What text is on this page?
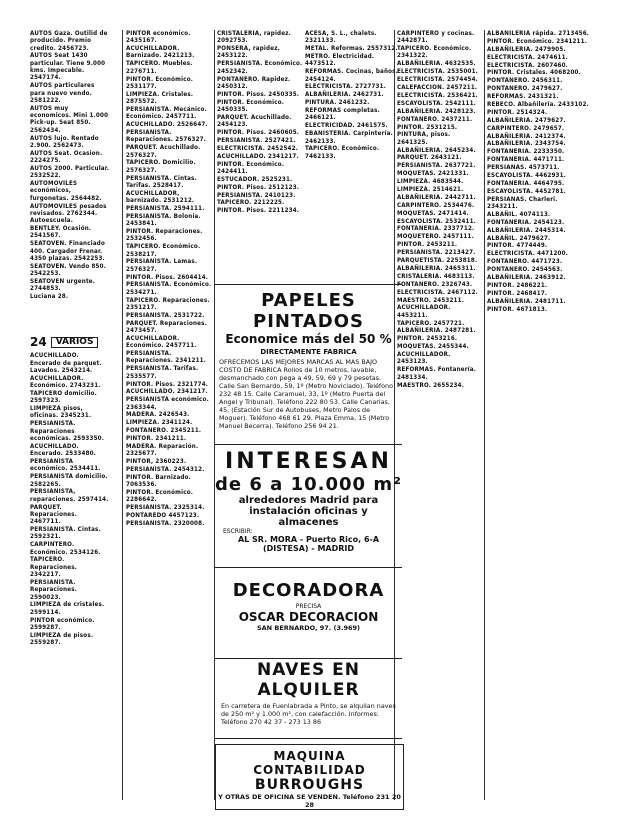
AUTOS Gaza. Outilid de producido. Premio credito. 2456723.

AUTOS Seat 1430 particular. Tiene 9.000 kms. Impecable. 2547174.

AUTOS particulares para nuevo vendo. 2581222.

AUTOS muy economicos. Mini 1.000 Pick-up. Seat 850. 2562434.

AUTOS lujo. Rentado 2.900. 2562473.

AUTOS Seat. Ocasion. 2224275.

AUTOS 2000. Particular. 2532522.

AUTOMOVILES económicos, furgonetas. 2564482.

AUTOMOVILES pesados revisados. 2762344. Autoescuela.

BENTLEY. Ocasión. 2541567.

SEATOVEN. Financiado 400. Cargador Frenar. 4350 plazas. 2542253.

SEATOVEN. Vendo 850. 2542253.

SEATOVEN urgente. 2744853.

Luciana 28.

24	VARIOS

ACUCHILLADO. Encerado de parquet. Lavados. 2543214.

ACUCHILLADOR. Económico. 2743231.

TAPICERO domicilio. 2597323.

LIMPIEZA pisos, oficinas. 2345231.

PERSIANISTA. Reparaciones económicas. 2593350.

ACUCHILLADO. Encerado. 2533480.

PERSIANISTA económico. 2534411.

PERSIANISTA domicilio. 2582265.

PERSIANISTA, reparaciones. 2597414.

PARQUET. Reparaciones. 2467711.

PERSIANISTA. Cintas. 2592321.

CARPINTERO. Económico. 2534126.

TAPICERO. Reparaciones. 2342217.

PERSIANISTA. Reparaciones. 2590023.

LIMPIEZA de cristales. 2599114.

PINTOR económico. 2599287.

LIMPIEZA de pisos. 2559287.

PINTOR económico. 2435167.

ACUCHILLADOR. Barnizado. 2421213.

TAPICERO. Muebles. 2276711.

PINTOR. Económico. 2531177.

LIMPIEZA. Cristales. 2875572.

PERSIANISTA. Mecánico. Económico. 2457711.

ACUCHILLADO. 2526647.

PERSIANISTA. Reparaciones. 2576327.

PARQUET. Acuchillado. 2576327.

TAPICERO. Domicilio. 2576327.

PERSIANISTA. Cintas. Tarifas. 2528417.

ACUCHILLADOR, barnizado. 2531212.

PERSIANISTA. 2594111.

PERSIANISTA. Bolonia. 2453841.

PINTOR. Reparaciones. 2532456.

TAPICERO. Económico. 2538217.

PERSIANISTA. Lamas. 2576327.

PINTOR. Pisos. 2604414.

PERSIANISTA. Económico. 2534271.

TAPICERO. Reparaciones. 2351217.

PERSIANISTA. 2531722.

PARQUET. Reparaciones. 2473457.

ACUCHILLADOR. Económico. 2457711.

PERSIANISTA. Reparaciones. 2341211.

PERSIANISTA. Tarifas. 2535577.

PINTOR. Pisos. 2321774.

ACUCHILLADO. 2341217.

PERSIANISTA económico. 2363344.

MADERA. 2426543.

LIMPIEZA. 2341124.

FONTANERO. 2345211.

PINTOR. 2341211.

MADERA. Reparación. 2325677.

PINTOR, 2360223.

PERSIANISTA. 2454312.

PINTOR. Barnizado. 7063536.

PINTOR. Económico. 2286642.

PERSIANISTA. 2325314.

PONTAREDO 4457123.

PERSIANISTA. 2320008.

CRISTALERIA, rapidez. 2092753.

PONSERA, rapidez. 2453122.

PERSIANISTA. Económico. 2452342.

PONTANERO. Rapidez. 2450312.

PINTOR. Pisos. 2450335.

PINTOR. Económico. 2450335.

PARQUET. Acuchillado. 2454123.

PINTOR. Pisos. 2460605.

PERSIANISTA. 2527421.

ELECTRICISTA. 2452542.

ACUCHILLADO. 2341217.

PINTOR. Económico. 2424411.

ESTUCADOR. 2525231.

PINTOR. Pisos. 2512123.

PERSIANISTA. 2410123.

TAPICERO. 2212225.

PINTOR. Pisos. 2211234.

ACESA, S. L., chalets. 2321133.

METAL. Reformas. 2557312.

METRO. Electricidad. 4473512.

REFORMAS. Cocinas, baños. 2454124.

ELECTRICISTA. 2727731.

ALBAÑILERIA. 2462731.

PINTURA. 2461232.

REFORMAS completas. 2466121.

ELECTRICIDAD. 2461575.

EBANISTERIA. Carpintería. 2462133.

TAPICERO. Económico. 7462133.

CARPINTERO y cocinas. 2442871.

TAPICERO. Económico. 2341322.

ALBAÑILERIA. 4632535.

ELECTRICISTA. 2535001.

ELECTRICISTA. 2574454.

CALEFACCION. 2457211.

ELECTRICISTA. 2536421.

ESCAYOLISTA. 2542111.

ALBAÑILERIA. 2428123.

FONTANERO. 2437211.

PINTOR. 2531215.

PINTURA, pisos. 2641325.

ALBAÑILERIA. 2645234.

PARQUET. 2643121.

PERSIANISTA. 2637721.

MOQUETAS. 2421331.

LIMPIEZA. 4683544.

LIMPIEZA. 2514621.

ALBAÑILERIA. 2442711.

CARPINTERO. 2534476.

MOQUETAS. 2471414.

ESCAYOLISTA. 2532411.

FONTANERIA. 2337712.

MOQUETERO. 2457111.

PINTOR. 2453211.

PERSIANISTA. 2213427.

PARQUETISTA. 2253818.

ALBAÑILERIA. 2465311.

CRISTALERIA. 4683113.

FONTANERO. 2326743.

ELECTRICISTA. 2467112.

MAESTRO. 2453211.

ACUCHILLADOR. 4453211.

TAPICERO. 2457721.

ALBAÑILERIA. 2487281.

PINTOR. 2453216.

MOQUETAS. 2455344.

ACUCHILLADOR. 2453123.

REFORMAS. Fontanería. 2481334.

MAESTRO. 2655234.

ALBAÑILERIA rápida. 2713456.

PINTOR. Económico. 2341211.

ALBAÑILERIA. 2479905.

ELECTRICISTA. 2474611.

ELECTRICISTA. 2607460.

PINTOR. Cristales. 4068200.

PONTANERO. 2456311.

PONTANERO. 2479627.

REFORMAS. 2431321.

REBECO. Albañilería. 2433102.

PINTOR. 2514324.

ALBAÑILERIA. 2479627.

CARPINTERO. 2479657.

ALBAÑILERIA. 2412374.

ALBAÑILERIA. 2343754.

FONTANERIA. 2233350.

FONTANERIA. 4471711.

PERSIANAS. 4573711.

ESCAYOLISTA. 4462931.

FONTANERIA. 4464795.

ESCAYOLISTA. 4452781.

PERSIANAS. Charleri. 2343211.

ALBAÑIL. 4074113.

FONTANERIA. 2454123.

ALBAÑILERIA. 2445314.

ALBAÑIL. 2479627.

PINTOR. 4774449.

ELECTRICISTA. 4471200.

FONTANERO. 4471723.

PONTANERO. 2454563.

ALBAÑILERIA. 2463912.

PINTOR. 2486221.

PINTOR. 2468417.

ALBAÑILERIA. 2481711.

PINTOR. 4671813.

PAPELES PINTADOS
Economice más del 50 %
DIRECTAMENTE FABRICA
OFRECEMOS LAS MEJORES MARCAS AL MAS BAJO COSTO DE FABRICA Rollos de 10 metros, lavable, desmanchado con pega a 49, 59, 69 y 79 pesetas. Calle San Bernardo, 59, 1º (Metro Noviciado). Teléfono 232 48 15. Calle Caramuel, 33, 1º (Metro Puerta del Angel y Tribunal). Teléfono 222 80 53. Calle Canarias, 45, (Estación Sur de Autobuses, Metro Palos de Moguer). Teléfono 468 61 29. Plaza Emma, 15 (Metro Manuel Becerra). Teléfono 256 94 21.
INTERESAN
de 6 a 10.000 m²
alrededores Madrid para instalación oficinas y almacenes
ESCRIBIR:
AL SR. MORA - Puerto Rico, 6-A (DISTESA) - MADRID
DECORADORA
PRECISA
OSCAR DECORACION
SAN BERNARDO, 97. (3.969)
NAVES EN ALQUILER
En carretera de Fuenlabrada a Pinto, se alquilan naves de 250 m² y 1.000 m², con calefacción. Informes: Teléfono 270 42 37 - 273 13 86
MAQUINA CONTABILIDAD
BURROUGHS
Y OTRAS DE OFICINA SE VENDEN. Teléfono 231 20 28
